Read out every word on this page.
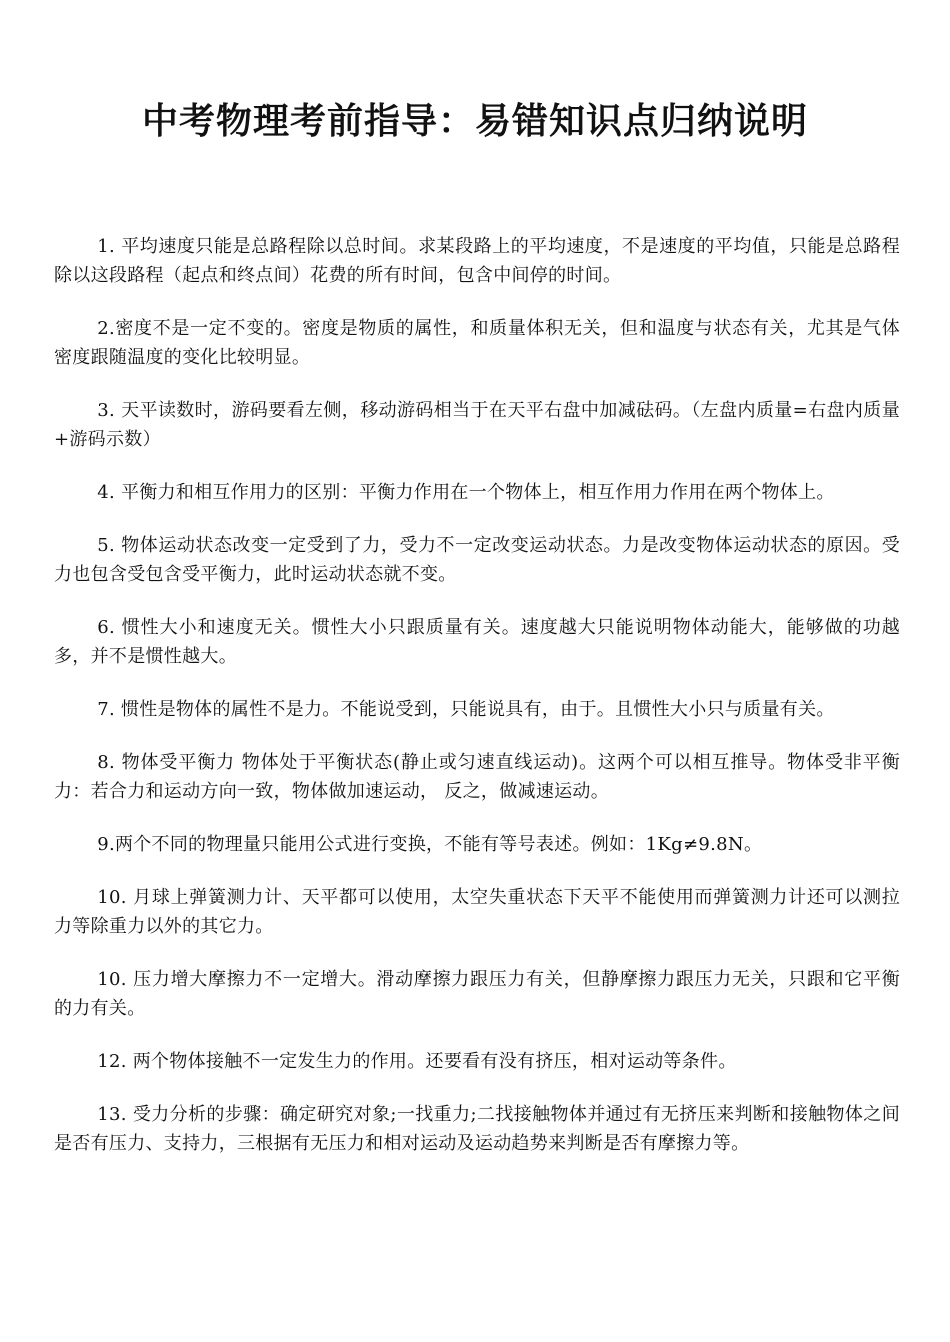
中考物理考前指导：易错知识点归纳说明

1. 平均速度只能是总路程除以总时间。求某段路上的平均速度，不是速度的平均值，只能是总路程除以这段路程（起点和终点间）花费的所有时间，包含中间停的时间。

2.密度不是一定不变的。密度是物质的属性，和质量体积无关，但和温度与状态有关，尤其是气体密度跟随温度的变化比较明显。

3. 天平读数时，游码要看左侧，移动游码相当于在天平右盘中加减砝码。（左盘内质量=右盘内质量+游码示数）

4. 平衡力和相互作用力的区别：平衡力作用在一个物体上，相互作用力作用在两个物体上。

5. 物体运动状态改变一定受到了力，受力不一定改变运动状态。力是改变物体运动状态的原因。受力也包含受包含受平衡力，此时运动状态就不变。

6. 惯性大小和速度无关。惯性大小只跟质量有关。速度越大只能说明物体动能大，能够做的功越多，并不是惯性越大。

7. 惯性是物体的属性不是力。不能说受到，只能说具有，由于。且惯性大小只与质量有关。

8. 物体受平衡力 物体处于平衡状态(静止或匀速直线运动)。这两个可以相互推导。物体受非平衡力：若合力和运动方向一致，物体做加速运动， 反之，做减速运动。

9.两个不同的物理量只能用公式进行变换，不能有等号表述。例如：1Kg≠9.8N。

10. 月球上弹簧测力计、天平都可以使用，太空失重状态下天平不能使用而弹簧测力计还可以测拉力等除重力以外的其它力。

10. 压力增大摩擦力不一定增大。滑动摩擦力跟压力有关，但静摩擦力跟压力无关，只跟和它平衡的力有关。

12. 两个物体接触不一定发生力的作用。还要看有没有挤压，相对运动等条件。

13. 受力分析的步骤：确定研究对象;一找重力;二找接触物体并通过有无挤压来判断和接触物体之间是否有压力、支持力，三根据有无压力和相对运动及运动趋势来判断是否有摩擦力等。
